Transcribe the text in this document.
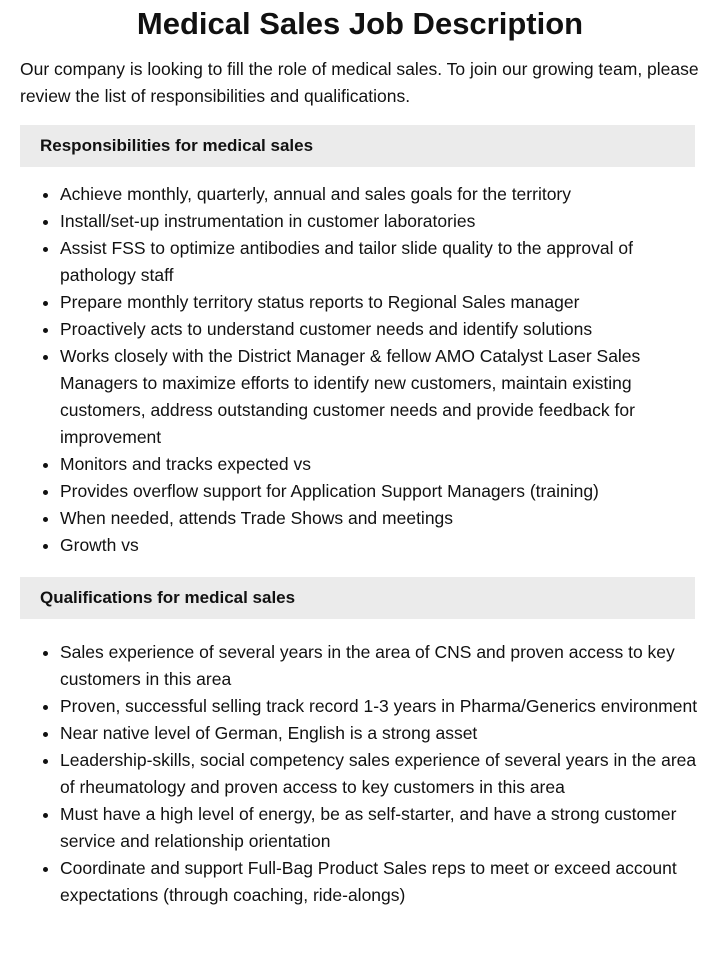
Medical Sales Job Description

Our company is looking to fill the role of medical sales. To join our growing team, please review the list of responsibilities and qualifications.

Responsibilities for medical sales
• Achieve monthly, quarterly, annual and sales goals for the territory
• Install/set-up instrumentation in customer laboratories
• Assist FSS to optimize antibodies and tailor slide quality to the approval of pathology staff
• Prepare monthly territory status reports to Regional Sales manager
• Proactively acts to understand customer needs and identify solutions
• Works closely with the District Manager & fellow AMO Catalyst Laser Sales Managers to maximize efforts to identify new customers, maintain existing customers, address outstanding customer needs and provide feedback for improvement
• Monitors and tracks expected vs
• Provides overflow support for Application Support Managers (training)
• When needed, attends Trade Shows and meetings
• Growth vs
Qualifications for medical sales
• Sales experience of several years in the area of CNS and proven access to key customers in this area
• Proven, successful selling track record 1-3 years in Pharma/Generics environment
• Near native level of German, English is a strong asset
• Leadership-skills, social competency sales experience of several years in the area of rheumatology and proven access to key customers in this area
• Must have a high level of energy, be as self-starter, and have a strong customer service and relationship orientation
• Coordinate and support Full-Bag Product Sales reps to meet or exceed account expectations (through coaching, ride-alongs)
